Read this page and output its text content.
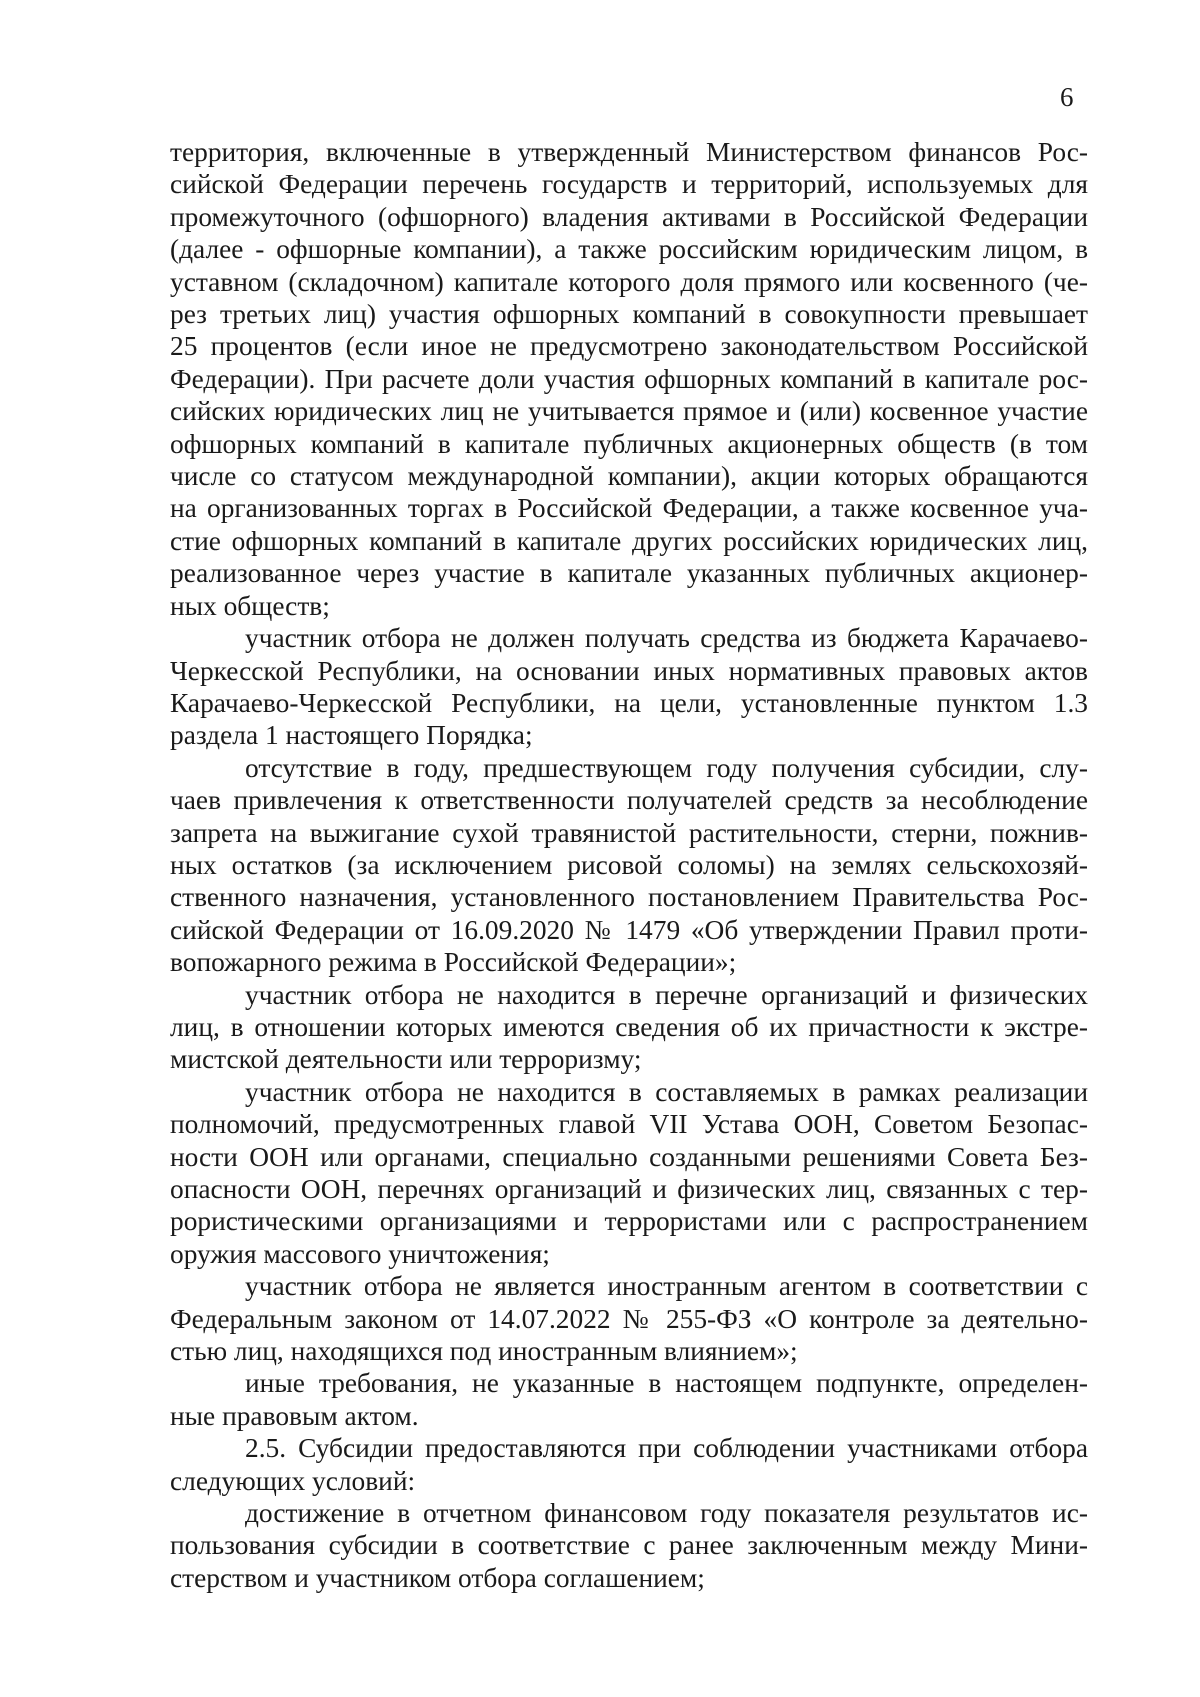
6
территория, включенные в утвержденный Министерством финансов Рос-
сийской Федерации перечень государств и территорий, используемых для
промежуточного (офшорного) владения активами в Российской Федерации
(далее - офшорные компании), а также российским юридическим лицом, в
уставном (складочном) капитале которого доля прямого или косвенного (че-
рез третьих лиц) участия офшорных компаний в совокупности превышает
25 процентов (если иное не предусмотрено законодательством Российской
Федерации). При расчете доли участия офшорных компаний в капитале рос-
сийских юридических лиц не учитывается прямое и (или) косвенное участие
офшорных компаний в капитале публичных акционерных обществ (в том
числе со статусом международной компании), акции которых обращаются
на организованных торгах в Российской Федерации, а также косвенное уча-
стие офшорных компаний в капитале других российских юридических лиц,
реализованное через участие в капитале указанных публичных акционер-
ных обществ;
участник отбора не должен получать средства из бюджета Карачаево-
Черкесской Республики, на основании иных нормативных правовых актов
Карачаево-Черкесской Республики, на цели, установленные пунктом 1.3
раздела 1 настоящего Порядка;
отсутствие в году, предшествующем году получения субсидии, слу-
чаев привлечения к ответственности получателей средств за несоблюдение
запрета на выжигание сухой травянистой растительности, стерни, пожнив-
ных остатков (за исключением рисовой соломы) на землях сельскохозяй-
ственного назначения, установленного постановлением Правительства Рос-
сийской Федерации от 16.09.2020 № 1479 «Об утверждении Правил проти-
вопожарного режима в Российской Федерации»;
участник отбора не находится в перечне организаций и физических
лиц, в отношении которых имеются сведения об их причастности к экстре-
мистской деятельности или терроризму;
участник отбора не находится в составляемых в рамках реализации
полномочий, предусмотренных главой VII Устава ООН, Советом Безопас-
ности ООН или органами, специально созданными решениями Совета Без-
опасности ООН, перечнях организаций и физических лиц, связанных с тер-
рористическими организациями и террористами или с распространением
оружия массового уничтожения;
участник отбора не является иностранным агентом в соответствии с
Федеральным законом от 14.07.2022 № 255-ФЗ «О контроле за деятельно-
стью лиц, находящихся под иностранным влиянием»;
иные требования, не указанные в настоящем подпункте, определен-
ные правовым актом.
2.5. Субсидии предоставляются при соблюдении участниками отбора
следующих условий:
достижение в отчетном финансовом году показателя результатов ис-
пользования субсидии в соответствие с ранее заключенным между Мини-
стерством и участником отбора соглашением;
